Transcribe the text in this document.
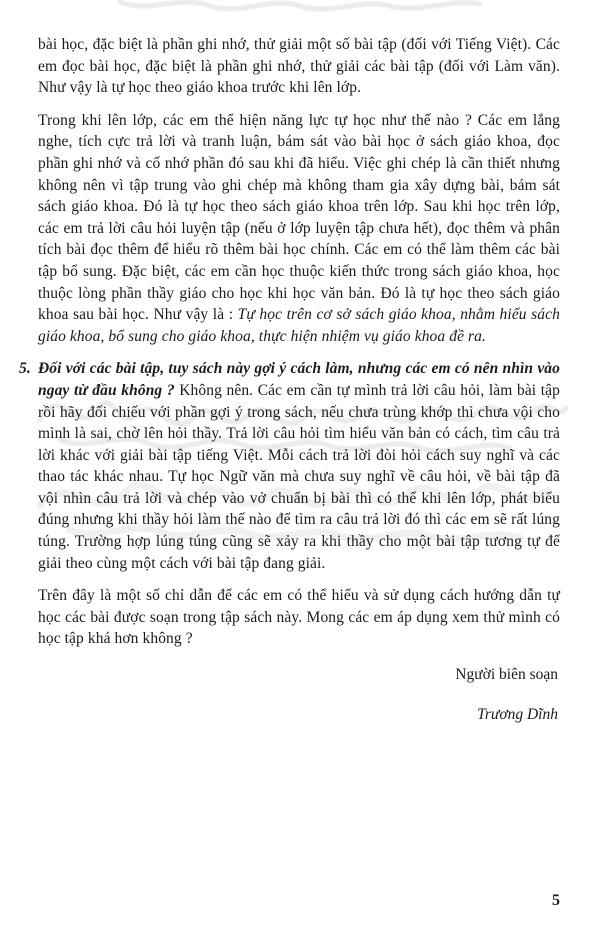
bài học, đặc biệt là phần ghi nhớ, thử giải một số bài tập (đối với Tiếng Việt). Các em đọc bài học, đặc biệt là phần ghi nhớ, thử giải các bài tập (đối với Làm văn). Như vậy là tự học theo giáo khoa trước khi lên lớp.

Trong khi lên lớp, các em thể hiện năng lực tự học như thế nào ? Các em lắng nghe, tích cực trả lời và tranh luận, bám sát vào bài học ở sách giáo khoa, đọc phần ghi nhớ và cố nhớ phần đó sau khi đã hiểu. Việc ghi chép là cần thiết nhưng không nên vì tập trung vào ghi chép mà không tham gia xây dựng bài, bám sát sách giáo khoa. Đó là tự học theo sách giáo khoa trên lớp. Sau khi học trên lớp, các em trả lời câu hỏi luyện tập (nếu ở lớp luyện tập chưa hết), đọc thêm và phân tích bài đọc thêm để hiểu rõ thêm bài học chính. Các em có thể làm thêm các bài tập bổ sung. Đặc biệt, các em cần học thuộc kiến thức trong sách giáo khoa, học thuộc lòng phần thầy giáo cho học khi học văn bản. Đó là tự học theo sách giáo khoa sau bài học. Như vậy là : Tự học trên cơ sở sách giáo khoa, nhằm hiểu sách giáo khoa, bổ sung cho giáo khoa, thực hiện nhiệm vụ giáo khoa đề ra.

5. Đối với các bài tập, tuy sách này gợi ý cách làm, nhưng các em có nên nhìn vào ngay từ đầu không ? Không nên. Các em cần tự mình trả lời câu hỏi, làm bài tập rồi hãy đối chiếu với phần gợi ý trong sách, nếu chưa trùng khớp thì chưa vội cho mình là sai, chờ lên hỏi thầy. Trả lời câu hỏi tìm hiểu văn bản có cách, tìm câu trả lời khác với giải bài tập tiếng Việt. Mỗi cách trả lời đòi hỏi cách suy nghĩ và các thao tác khác nhau. Tự học Ngữ văn mà chưa suy nghĩ về câu hỏi, về bài tập đã vội nhìn câu trả lời và chép vào vở chuẩn bị bài thì có thể khi lên lớp, phát biểu đúng nhưng khi thầy hỏi làm thế nào để tìm ra câu trả lời đó thì các em sẽ rất lúng túng. Trường hợp lúng túng cũng sẽ xảy ra khi thầy cho một bài tập tương tự để giải theo cùng một cách với bài tập đang giải.

Trên đây là một số chỉ dẫn để các em có thể hiểu và sử dụng cách hướng dẫn tự học các bài được soạn trong tập sách này. Mong các em áp dụng xem thử mình có học tập khá hơn không ?

Người biên soạn
Trương Dĩnh
5
